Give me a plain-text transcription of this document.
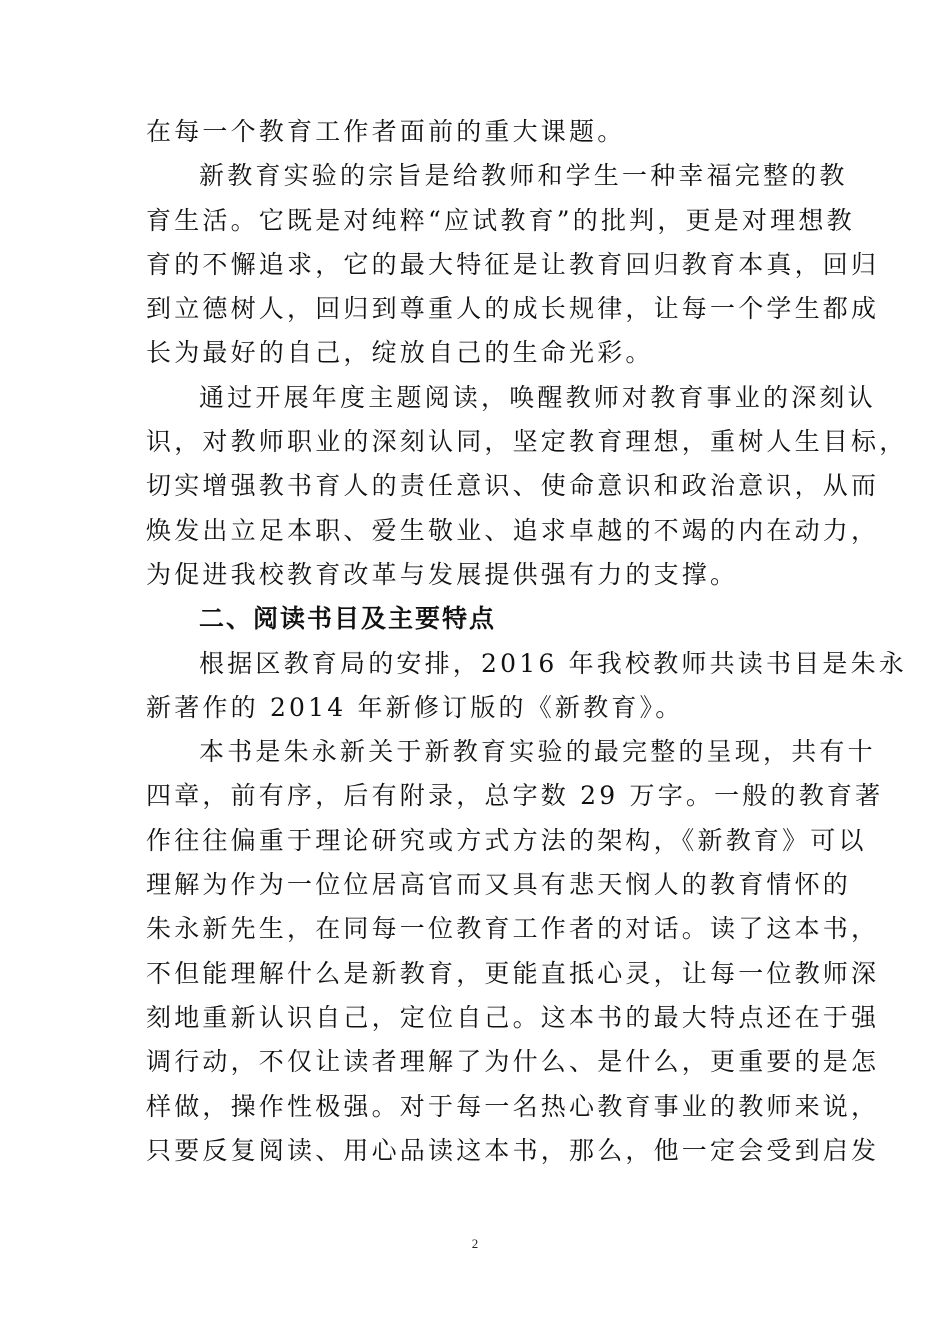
在每一个教育工作者面前的重大课题。
新教育实验的宗旨是给教师和学生一种幸福完整的教
育生活。它既是对纯粹“应试教育”的批判，更是对理想教
育的不懈追求，它的最大特征是让教育回归教育本真，回归
到立德树人，回归到尊重人的成长规律，让每一个学生都成
长为最好的自己，绽放自己的生命光彩。
通过开展年度主题阅读，唤醒教师对教育事业的深刻认
识，对教师职业的深刻认同，坚定教育理想，重树人生目标，
切实增强教书育人的责任意识、使命意识和政治意识，从而
焕发出立足本职、爱生敬业、追求卓越的不竭的内在动力，
为促进我校教育改革与发展提供强有力的支撑。
二、阅读书目及主要特点
根据区教育局的安排，2016 年我校教师共读书目是朱永
新著作的 2014 年新修订版的《新教育》。
本书是朱永新关于新教育实验的最完整的呈现，共有十
四章，前有序，后有附录，总字数 29 万字。一般的教育著
作往往偏重于理论研究或方式方法的架构，《新教育》可以
理解为作为一位位居高官而又具有悲天悯人的教育情怀的
朱永新先生，在同每一位教育工作者的对话。读了这本书，
不但能理解什么是新教育，更能直抵心灵，让每一位教师深
刻地重新认识自己，定位自己。这本书的最大特点还在于强
调行动，不仅让读者理解了为什么、是什么，更重要的是怎
样做，操作性极强。对于每一名热心教育事业的教师来说，
只要反复阅读、用心品读这本书，那么，他一定会受到启发
2
